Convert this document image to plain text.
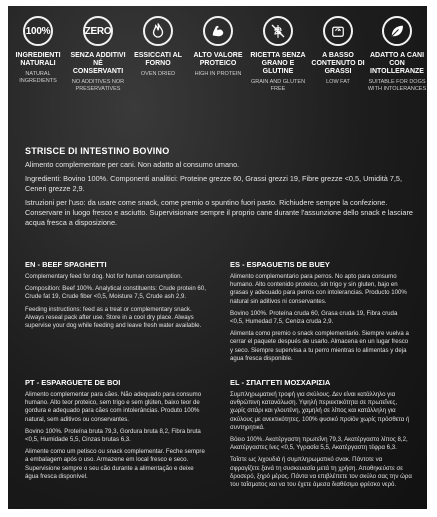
100%
INGREDIENTI NATURALI
NATURAL INGREDIENTS
ZERO
SENZA ADDITIVI NÉ CONSERVANTI
NO ADDITIVES NOR PRESERVATIVES
ESSICCATI AL FORNO
OVEN DRIED
ALTO VALORE PROTEICO
HIGH IN PROTEIN
RICETTA SENZA GRANO E GLUTINE
GRAIN AND GLUTEN FREE
A BASSO CONTENUTO DI GRASSI
LOW FAT
ADATTO A CANI CON INTOLLERANZE
SUITABLE FOR DOGS WITH INTOLERANCES
STRISCE DI INTESTINO BOVINO

Alimento complementare per cani. Non adatto al consumo umano.

Ingredienti: Bovino 100%. Componenti analitici: Proteine grezze 60, Grassi grezzi 19, Fibre grezze <0,5, Umidità 7,5, Ceneri grezze 2,9.

Istruzioni per l'uso: da usare come snack, come premio o spuntino fuori pasto. Richiudere sempre la confezione. Conservare in luogo fresco e asciutto. Supervisionare sempre il proprio cane durante l'assunzione dello snack e lasciare acqua fresca a disposizione.

EN - BEEF SPAGHETTI

Complementary feed for dog. Not for human consumption.

Composition: Beef 100%. Analytical constituents: Crude protein 60, Crude fat 19, Crude fiber <0,5, Moisture 7,5, Crude ash 2,9.

Feeding instructions: feed as a treat or complementary snack. Always reseal pack after use. Store in a cool dry place. Always supervise your dog while feeding and leave fresh water available.

ES - ESPAGUETIS DE BUEY

Alimento complementario para perros. No apto para consumo humano. Alto contenido proteico, sin trigo y sin gluten, bajo en grasas y adecuado para perros con intolerancias. Producto 100% natural sin aditivos ni conservantes.

Bovino 100%. Proteína cruda 60, Grasa cruda 19, Fibra cruda <0,5, Humedad 7,5, Ceniza cruda 2,9.

Alimenta como premio o snack complementario. Siempre vuelva a cerrar el paquete después de usarlo. Almacena en un lugar fresco y seco. Siempre supervisa a tu perro mientras lo alimentas y deja agua fresca disponible.

PT - ESPARGUETE DE BOI

Alimento complementar para cães. Não adequado para consumo humano. Alto teor proteico, sem trigo e sem glúten, baixo teor de gordura e adequado para cães com intolerâncias. Produto 100% natural, sem aditivos ou conservantes.

Bovino 100%. Proteína bruta 79,3, Gordura bruta 8,2, Fibra bruta <0,5, Humidade 5,5, Cinzas brutas 6,3.

Alimente como um petisco ou snack complementar. Feche sempre a embalagem após o uso. Armazene em local fresco e seco. Supervisione sempre o seu cão durante a alimentação e deixe água fresca disponível.

EL - ΣΠΑΓΓΕΤΙ ΜΟΣΧΑΡΙΣΙΑ

Συμπληρωματική τροφή για σκύλους. Δεν είναι κατάλληλο για ανθρώπινη κατανάλωση. Υψηλή περιεκτικότητα σε πρωτεΐνες, χωρίς σιτάρι και γλουτένη, χαμηλή σε λίπος και κατάλληλη για σκύλους με ανεκτικότητες. 100% φυσικό προϊόν χωρίς πρόσθετα ή συντηρητικά.

Βόειο 100%. Ακατέργαστη πρωτεΐνη 79,3, Ακατέργαστο λίπος 8,2, Ακατέργαστες ίνες <0,5, Υγρασία 5,5, Ακατέργαστη τέφρα 6,3.

Ταΐστε ως λιχουδιά ή συμπληρωματικό σνακ. Πάντοτε να σφραγίζετε ξανά τη συσκευασία μετά τη χρήση. Αποθηκεύστε σε δροσερό, ξηρό μέρος. Πάντα να επιβλέπετε τον σκύλο σας την ώρα του ταΐσματος και να του έχετε άμεσα διαθέσιμο φρέσκο νερό.
